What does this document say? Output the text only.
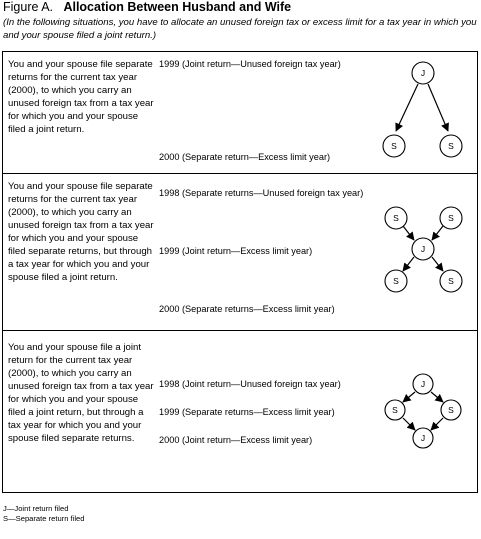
Figure A. Allocation Between Husband and Wife
(In the following situations, you have to allocate an unused foreign tax or excess limit for a tax year in which you and your spouse filed a joint return.)
You and your spouse file separate returns for the current tax year (2000), to which you carry an unused foreign tax from a tax year for which you and your spouse filed a joint return.
1999 (Joint return—Unused foreign tax year)
2000 (Separate return—Excess limit year)
You and your spouse file separate returns for the current tax year (2000), to which you carry an unused foreign tax from a tax year for which you and your spouse filed separate returns, but through a tax year for which you and your spouse filed a joint return.
1998 (Separate returns—Unused foreign tax year)
1999 (Joint return—Excess limit year)
2000 (Separate returns—Excess limit year)
You and your spouse file a joint return for the current tax year (2000), to which you carry an unused foreign tax from a tax year for which you and your spouse filed a joint return, but through a tax year for which you and your spouse filed separate returns.
1998 (Joint return—Unused foreign tax year)
1999 (Separate returns—Excess limit year)
2000 (Joint return—Excess limit year)
J
S	S
S	S
J
S	S
J
S	S
J
J—Joint return filed
S—Separate return filed
